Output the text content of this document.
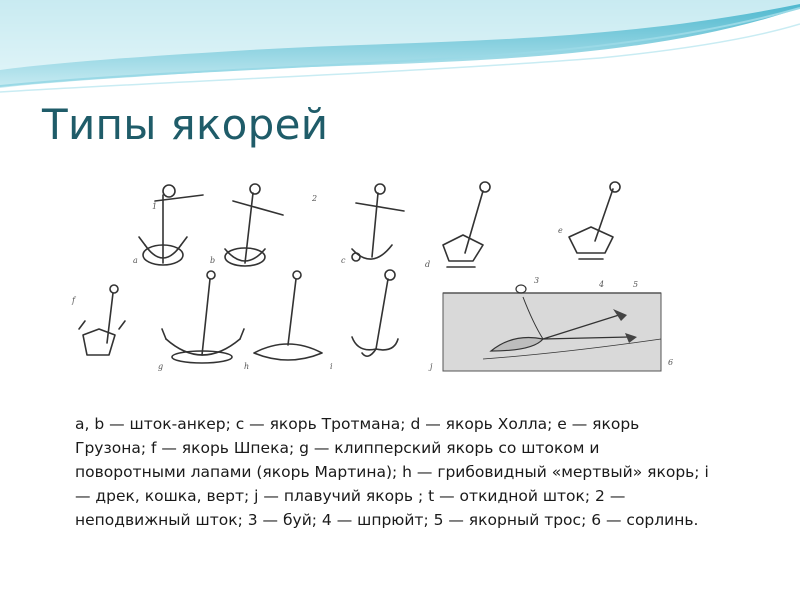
Типы якорей
a	b	c	d
e
f
g	h	i	j
1
2
3	4	5
6

a, b — шток-анкер; c — якорь Тротмана; d — якорь Холла; e — якорь Грузона; f — якорь Шпека; g — клипперский якорь со штоком и поворотными лапами (якорь Мартина); h — грибовидный «мертвый» якорь; i — дрек, кошка, верт; j — плавучий якорь ; t — откидной шток; 2 — неподвижный шток; 3 — буй; 4 — шпрюйт; 5 — якорный трос; 6 — сорлинь.
